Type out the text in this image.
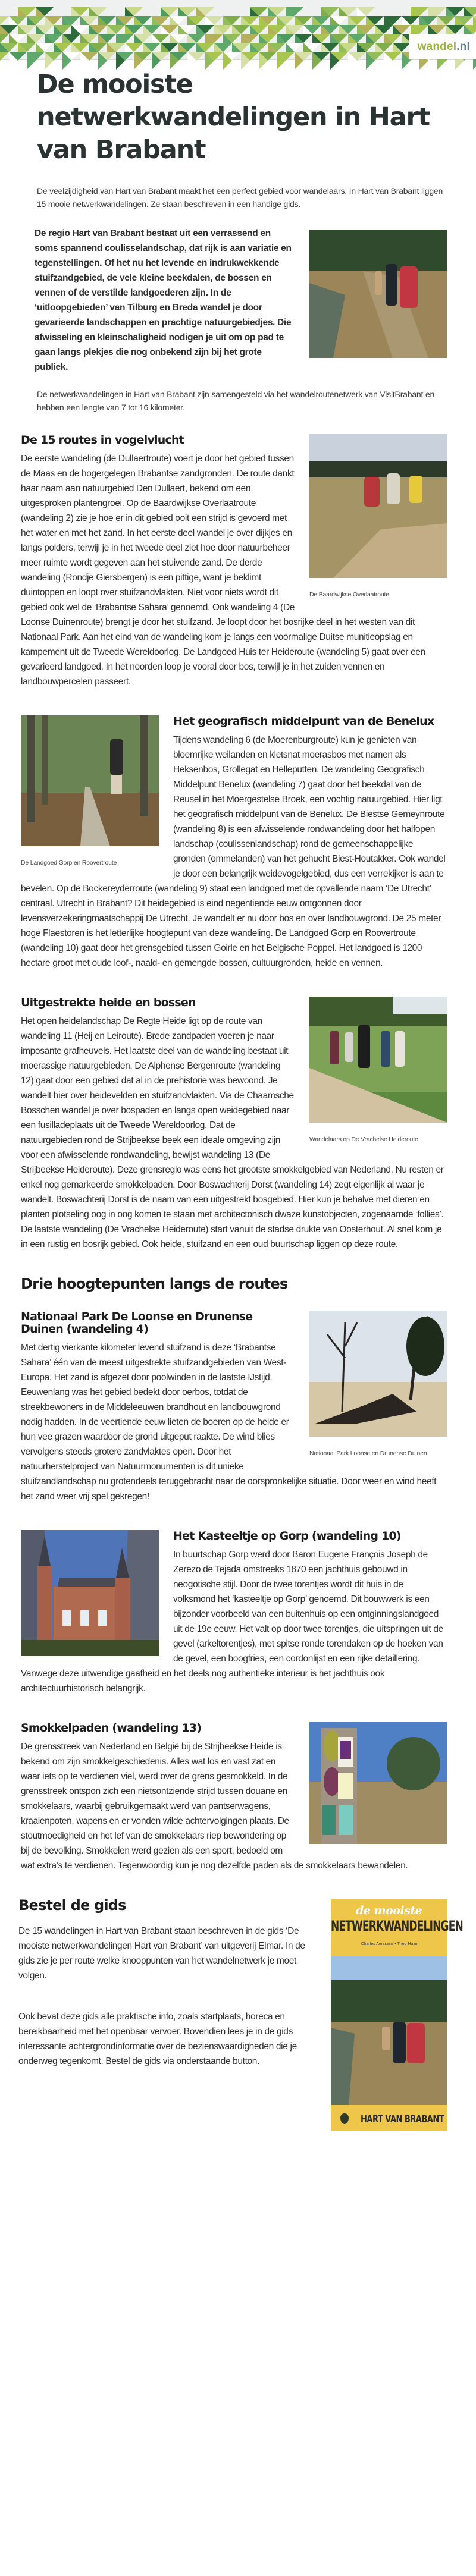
wandel .nl
De mooiste netwerkwandelingen in Hart van Brabant

De veelzijdigheid van Hart van Brabant maakt het een perfect gebied voor wandelaars. In Hart van Brabant liggen 15 mooie netwerkwandelingen. Ze staan beschreven in een handige gids.

De regio Hart van Brabant bestaat uit een verrassend en soms spannend coulisselandschap, dat rijk is aan variatie en tegenstellingen. Of het nu het levende en indrukwekkende stuifzandgebied, de vele kleine beekdalen, de bossen en vennen of de verstilde landgoederen zijn. In de ‘uitloopgebieden’ van Tilburg en Breda wandel je door gevarieerde landschappen en prachtige natuurgebiedjes. Die afwisseling en kleinschaligheid nodigen je uit om op pad te gaan langs plekjes die nog onbekend zijn bij het grote publiek.

De netwerkwandelingen in Hart van Brabant zijn samengesteld via het wandelroutenetwerk van VisitBrabant en hebben een lengte van 7 tot 16 kilometer.

De Baardwijkse Overlaatroute
De 15 routes in vogelvlucht

De eerste wandeling (de Dullaertroute) voert je door het gebied tussen de Maas en de hogergelegen Brabantse zandgronden. De route dankt haar naam aan natuurgebied Den Dullaert, bekend om een uitgesproken plantengroei. Op de Baardwijkse Overlaatroute (wandeling 2) zie je hoe er in dit gebied ooit een strijd is gevoerd met het water en met het zand. In het eerste deel wandel je over dijkjes en langs polders, terwijl je in het tweede deel ziet hoe door natuurbeheer meer ruimte wordt gegeven aan het stuivende zand. De derde wandeling (Rondje Giersbergen) is een pittige, want je beklimt duintoppen en loopt over stuifzandvlakten. Niet voor niets wordt dit gebied ook wel de ‘Brabantse Sahara’ genoemd. Ook wandeling 4 (De Loonse Duinenroute) brengt je door het stuifzand. Je loopt door het bosrijke deel in het westen van dit Nationaal Park. Aan het eind van de wandeling kom je langs een voormalige Duitse munitieopslag en kampement uit de Tweede Wereldoorlog. De Landgoed Huis ter Heideroute (wandeling 5) gaat over een gevarieerd landgoed. In het noorden loop je vooral door bos, terwijl je in het zuiden vennen en landbouwpercelen passeert.

De Landgoed Gorp en Roovertroute
Het geografisch middelpunt van de Benelux

Tijdens wandeling 6 (de Moerenburgroute) kun je genieten van bloemrijke weilanden en kletsnat moerasbos met namen als Heksenbos, Grollegat en Helleputten. De wandeling Geografisch Middelpunt Benelux (wandeling 7) gaat door het beekdal van de Reusel in het Moergestelse Broek, een vochtig natuurgebied. Hier ligt het geografisch middelpunt van de Benelux. De Biestse Gemeynroute (wandeling 8) is een afwisselende rondwandeling door het halfopen landschap (coulissenlandschap) rond de gemeenschappelijke gronden (ommelanden) van het gehucht Biest-Houtakker. Ook wandel je door een belangrijk weidevogelgebied, dus een verrekijker is aan te bevelen. Op de Bockereyderroute (wandeling 9) staat een landgoed met de opvallende naam ‘De Utrecht’ centraal. Utrecht in Brabant? Dit heidegebied is eind negentiende eeuw ontgonnen door levensverzekeringmaatschappij De Utrecht. Je wandelt er nu door bos en over landbouwgrond. De 25 meter hoge Flaestoren is het letterlijke hoogtepunt van deze wandeling. De Landgoed Gorp en Roovertroute (wandeling 10) gaat door het grensgebied tussen Goirle en het Belgische Poppel. Het landgoed is 1200 hectare groot met oude loof-, naald- en gemengde bossen, cultuurgronden, heide en vennen.

Wandelaars op De Vrachelse Heideroute
Uitgestrekte heide en bossen

Het open heidelandschap De Regte Heide ligt op de route van wandeling 11 (Heij en Leiroute). Brede zandpaden voeren je naar imposante grafheuvels. Het laatste deel van de wandeling bestaat uit moerassige natuurgebieden. De Alphense Bergenroute (wandeling 12) gaat door een gebied dat al in de prehistorie was bewoond. Je wandelt hier over heidevelden en stuifzandvlakten. Via de Chaamsche Bosschen wandel je over bospaden en langs open weidegebied naar een fusilladeplaats uit de Tweede Wereldoorlog. Dat de natuurgebieden rond de Strijbeekse beek een ideale omgeving zijn voor een afwisselende rondwandeling, bewijst wandeling 13 (De Strijbeekse Heideroute). Deze grensregio was eens het grootste smokkelgebied van Nederland. Nu resten er enkel nog gemarkeerde smokkelpaden. Door Boswachterij Dorst (wandeling 14) zegt eigenlijk al waar je wandelt. Boswachterij Dorst is de naam van een uitgestrekt bosgebied. Hier kun je behalve met dieren en planten plotseling oog in oog komen te staan met architectonisch dwaze kunstobjecten, zogenaamde ‘follies’. De laatste wandeling (De Vrachelse Heideroute) start vanuit de stadse drukte van Oosterhout. Al snel kom je in een rustig en bosrijk gebied. Ook heide, stuifzand en een oud buurtschap liggen op deze route.

Drie hoogtepunten langs de routes
Nationaal Park Loonse en Drunense Duinen
Nationaal Park De Loonse en Drunense Duinen (wandeling 4)

Met dertig vierkante kilometer levend stuifzand is deze ‘Brabantse Sahara’ één van de meest uitgestrekte stuifzandgebieden van West-Europa. Het zand is afgezet door poolwinden in de laatste IJstijd. Eeuwenlang was het gebied bedekt door oerbos, totdat de streekbewoners in de Middeleeuwen brandhout en landbouwgrond nodig hadden. In de veertiende eeuw lieten de boeren op de heide er hun vee grazen waardoor de grond uitgeput raakte. De wind blies vervolgens steeds grotere zandvlaktes open. Door het natuurherstelproject van Natuurmonumenten is dit unieke stuifzandlandschap nu grotendeels teruggebracht naar de oorspronkelijke situatie. Door weer en wind heeft het zand weer vrij spel gekregen!

Het Kasteeltje op Gorp (wandeling 10)

In buurtschap Gorp werd door Baron Eugene François Joseph de Zerezo de Tejada omstreeks 1870 een jachthuis gebouwd in neogotische stijl. Door de twee torentjes wordt dit huis in de volksmond het ‘kasteeltje op Gorp’ genoemd. Dit bouwwerk is een bijzonder voorbeeld van een buitenhuis op een ontginningslandgoed uit de 19e eeuw. Het valt op door twee torentjes, die uitspringen uit de gevel (arkeltorentjes), met spitse ronde torendaken op de hoeken van de gevel, een boogfries, een cordonlijst en een rijke detaillering. Vanwege deze uitwendige gaafheid en het deels nog authentieke interieur is het jachthuis ook architectuurhistorisch belangrijk.

Smokkelpaden (wandeling 13)

De grensstreek van Nederland en België bij de Strijbeekse Heide is bekend om zijn smokkelgeschiedenis. Alles wat los en vast zat en waar iets op te verdienen viel, werd over de grens gesmokkeld. In de grensstreek ontspon zich een nietsontziende strijd tussen douane en smokkelaars, waarbij gebruikgemaakt werd van pantserwagens, kraaienpoten, wapens en er vonden wilde achtervolgingen plaats. De stoutmoedigheid en het lef van de smokkelaars riep bewondering op bij de bevolking. Smokkelen werd gezien als een sport, bedoeld om wat extra’s te verdienen. Tegenwoordig kun je nog dezelfde paden als de smokkelaars bewandelen.

de mooiste
NETWERKWANDELINGEN
Charles Aerssens • Theo Halin
HART VAN BRABANT
Bestel de gids

De 15 wandelingen in Hart van Brabant staan beschreven in de gids ‘De mooiste netwerkwandelingen Hart van Brabant’ van uitgeverij Elmar. In de gids zie je per route welke knooppunten van het wandelnetwerk je moet volgen.

Ook bevat deze gids alle praktische info, zoals startplaats, horeca en bereikbaarheid met het openbaar vervoer. Bovendien lees je in de gids interessante achtergrondinformatie over de bezienswaardigheden die je onderweg tegenkomt. Bestel de gids via onderstaande button.
